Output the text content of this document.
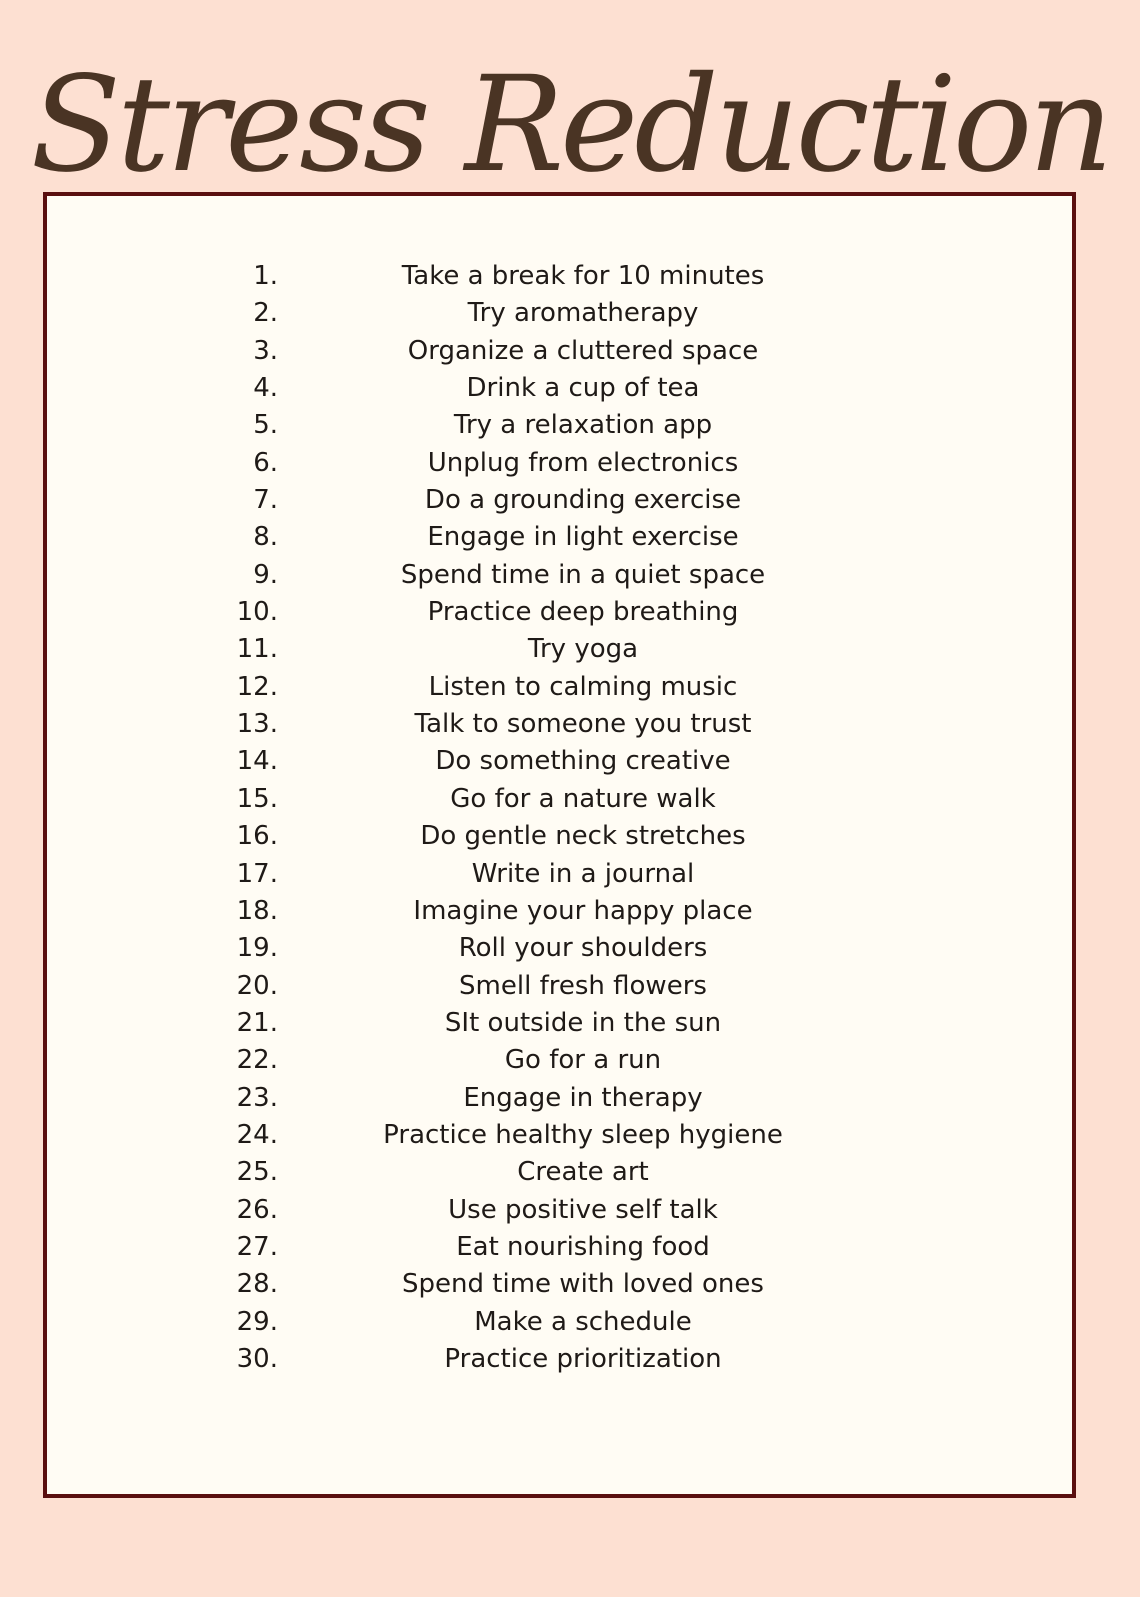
Stress Reduction
1.	Take a break for 10 minutes
2.	Try aromatherapy
3.	Organize a cluttered space
4.	Drink a cup of tea
5.	Try a relaxation app
6.	Unplug from electronics
7.	Do a grounding exercise
8.	Engage in light exercise
9.	Spend time in a quiet space
10.	Practice deep breathing
11.	Try yoga
12.	Listen to calming music
13.	Talk to someone you trust
14.	Do something creative
15.	Go for a nature walk
16.	Do gentle neck stretches
17.	Write in a journal
18.	Imagine your happy place
19.	Roll your shoulders
20.	Smell fresh flowers
21.	SIt outside in the sun
22.	Go for a run
23.	Engage in therapy
24.	Practice healthy sleep hygiene
25.	Create art
26.	Use positive self talk
27.	Eat nourishing food
28.	Spend time with loved ones
29.	Make a schedule
30.	Practice prioritization
